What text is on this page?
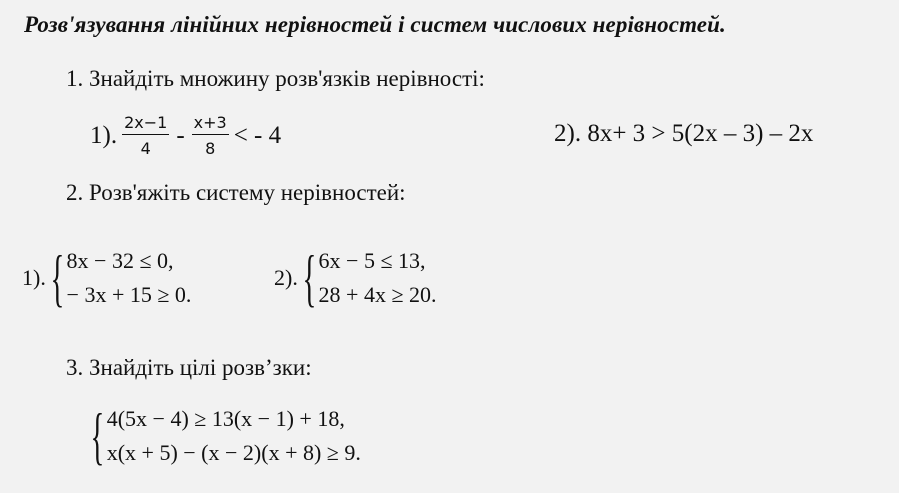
Розв'язування лінійних нерівностей і систем числових нерівностей.
1. Знайдіть множину розв'язків нерівності:
1). $\frac{2x-1}{4} - \frac{x+3}{8}$ < - 4	2). 8x+ 3 > 5(2x – 3) – 2x
2. Розв'яжіть систему нерівностей:
1). { 8x − 32 ≤ 0,
− 3x + 15 ≥ 0.
2). { 6x − 5 ≤ 13,
28 + 4x ≥ 20.
3. Знайдіть цілі розв’зки:
{ 4(5x − 4) ≥ 13(x − 1) + 18,
x(x + 5) − (x − 2)(x + 8) ≥ 9.
